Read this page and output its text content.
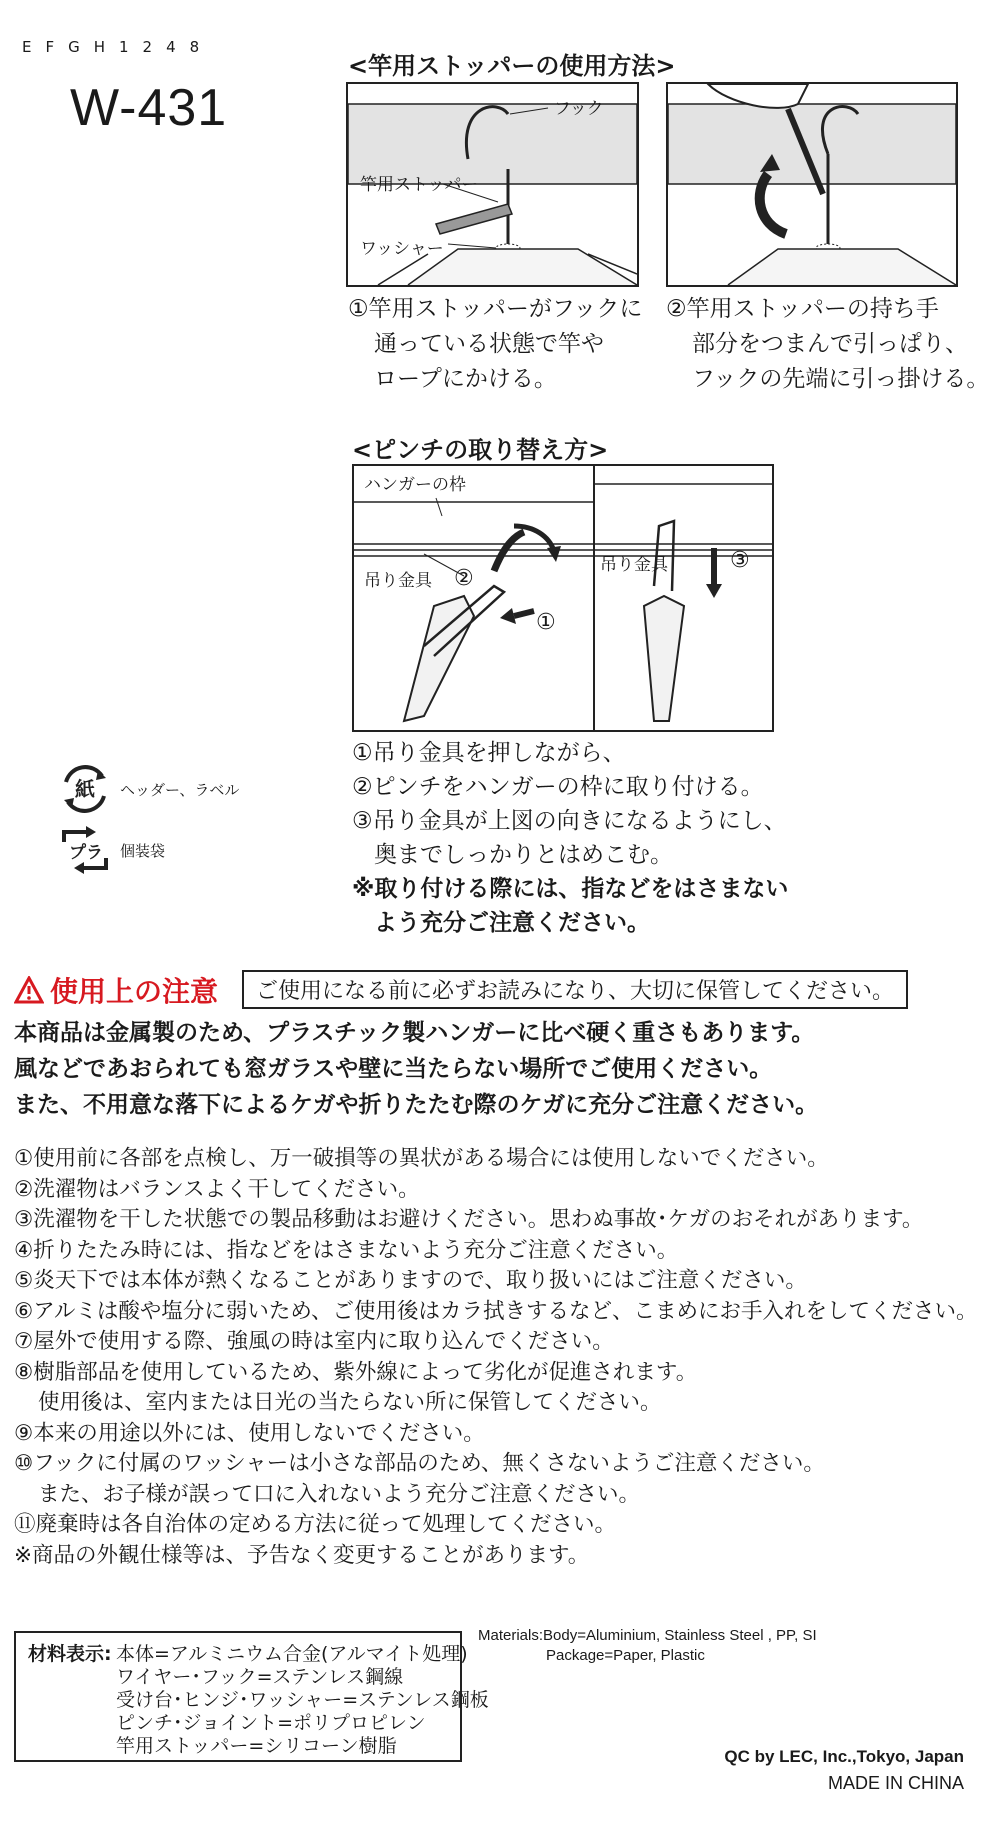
EFGH1248
W-431
<竿用ストッパーの使用方法>
フック
竿用ストッパー
ワッシャー
①竿用ストッパーがフックに
通っている状態で竿や
ロープにかける。
②竿用ストッパーの持ち手
部分をつまんで引っぱり、
フックの先端に引っ掛ける。
<ピンチの取り替え方>
ハンガーの枠
吊り金具
吊り金具
①
②
③
①吊り金具を押しながら、
②ピンチをハンガーの枠に取り付ける。
③吊り金具が上図の向きになるようにし、
奥までしっかりとはめこむ。
※取り付ける際には、指などをはさまない
よう充分ご注意ください。
紙 ヘッダー、ラベル
プラ 個装袋
使用上の注意	ご使用になる前に必ずお読みになり、大切に保管してください。
本商品は金属製のため、プラスチック製ハンガーに比べ硬く重さもあります。
風などであおられても窓ガラスや壁に当たらない場所でご使用ください。
また、不用意な落下によるケガや折りたたむ際のケガに充分ご注意ください。
①使用前に各部を点検し、万一破損等の異状がある場合には使用しないでください。
②洗濯物はバランスよく干してください。
③洗濯物を干した状態での製品移動はお避けください。思わぬ事故･ケガのおそれがあります。
④折りたたみ時には、指などをはさまないよう充分ご注意ください。
⑤炎天下では本体が熱くなることがありますので、取り扱いにはご注意ください。
⑥アルミは酸や塩分に弱いため、ご使用後はカラ拭きするなど、こまめにお手入れをしてください。
⑦屋外で使用する際、強風の時は室内に取り込んでください。
⑧樹脂部品を使用しているため、紫外線によって劣化が促進されます。
使用後は、室内または日光の当たらない所に保管してください。
⑨本来の用途以外には、使用しないでください。
⑩フックに付属のワッシャーは小さな部品のため、無くさないようご注意ください。
また、お子様が誤って口に入れないよう充分ご注意ください。
⑪廃棄時は各自治体の定める方法に従って処理してください。
※商品の外観仕様等は、予告なく変更することがあります。
材料表示: 本体=アルミニウム合金(アルマイト処理)
ワイヤー･フック=ステンレス鋼線
受け台･ヒンジ･ワッシャー=ステンレス鋼板
ピンチ･ジョイント=ポリプロピレン
竿用ストッパー=シリコーン樹脂
Materials:Body=Aluminium, Stainless Steel , PP, SI
Package=Paper, Plastic
QC by LEC, Inc.,Tokyo, Japan
MADE IN CHINA
